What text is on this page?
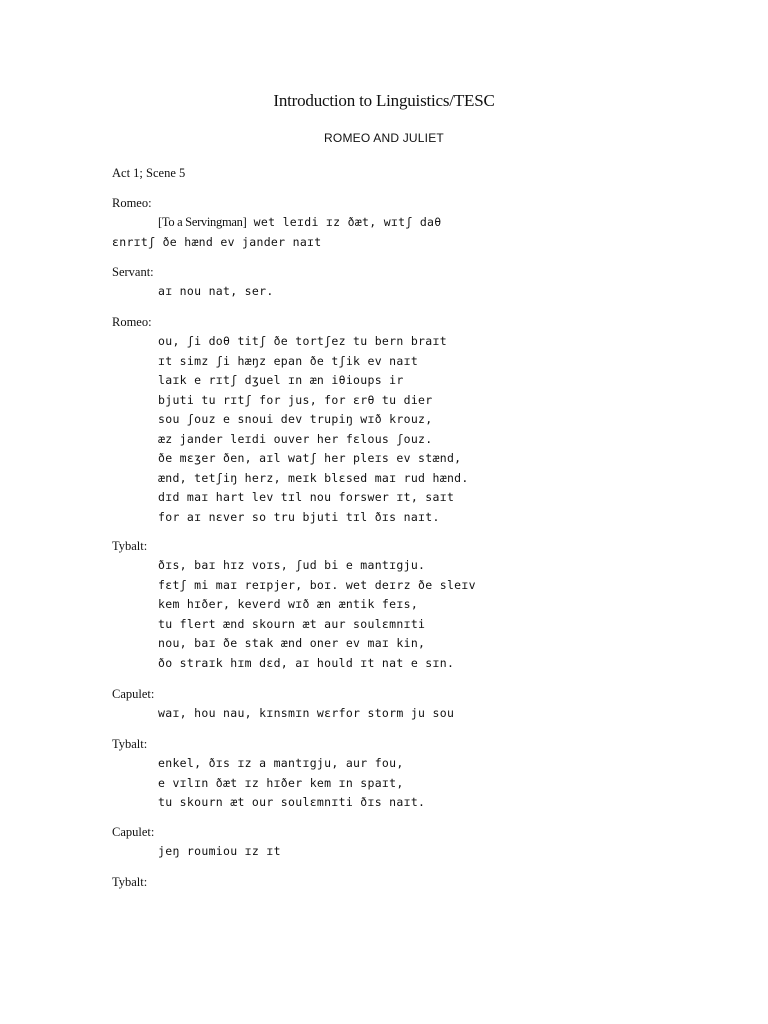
Introduction to Linguistics/TESC
ROMEO AND JULIET
Act 1; Scene 5
Romeo:
[To a Servingman] wet leɪdi ɪz ðæt, wɪtʃ daθ
ɛnrɪtʃ ðe hænd ev jander naɪt
Servant:
aɪ nou nat, ser.
Romeo:
ou, ʃi doθ titʃ ðe tortʃez tu bern braɪt
ɪt simz ʃi hæŋz epan ðe tʃik ev naɪt
laɪk e rɪtʃ dʒuel ɪn æn iθioups ir
bjuti tu rɪtʃ for jus, for ɛrθ tu dier
sou ʃouz e snoui dev trupiŋ wɪð krouz,
æz jander leɪdi ouver her fɛlous ʃouz.
ðe mɛʒer ðen, aɪl watʃ her pleɪs ev stænd,
ænd, tetʃiŋ herz, meɪk blɛsed maɪ rud hænd.
dɪd maɪ hart lev tɪl nou forswer ɪt, saɪt
for aɪ nɛver so tru bjuti tɪl ðɪs naɪt.
Tybalt:
ðɪs, baɪ hɪz voɪs, ʃud bi e mantɪgju.
fɛtʃ mi maɪ reɪpjer, boɪ. wet deɪrz ðe sleɪv
kem hɪðer, keverd wɪð æn æntik feɪs,
tu flert ænd skourn æt aur soulɛmnɪti
nou, baɪ ðe stak ænd oner ev maɪ kin,
ðo straɪk hɪm dɛd, aɪ hould ɪt nat e sɪn.
Capulet:
waɪ, hou nau, kɪnsmɪn wɛrfor storm ju sou
Tybalt:
enkel, ðɪs ɪz a mantɪgju, aur fou,
e vɪlɪn ðæt ɪz hɪðer kem ɪn spaɪt,
tu skourn æt our soulɛmnɪti ðɪs naɪt.
Capulet:
jeŋ roumiou ɪz ɪt
Tybalt:
